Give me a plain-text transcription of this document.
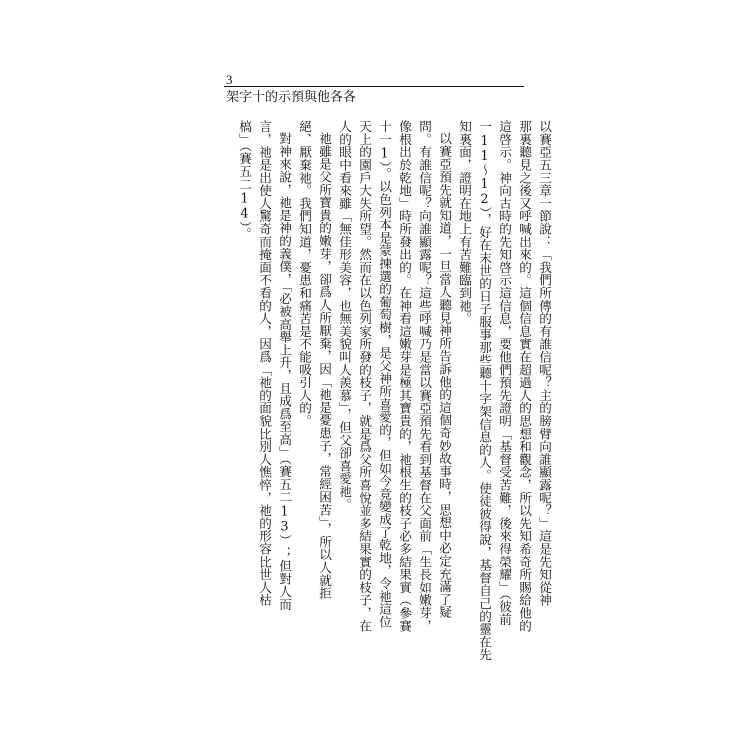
3
架字十的示預與他各各
以賽亞五三章一節說：「我們所傳的有誰信呢？主的膀臂向誰顯露呢？」這是先知從神
那裏聽見之後又呼喊出來的。這個信息實在超過人的思想和觀念，所以先知希奇所賜給他的
這啓示。神向古時的先知啓示這信息，要他們預先證明「基督受苦難，後來得榮耀」（彼前
一11～12），好在末世的日子服事那些聽十字架信息的人。使徒彼得說，基督自己的靈在先
知裏面，證明在地上有苦難臨到祂。
以賽亞預先就知道，一旦當人聽見神所告訴他的這個奇妙故事時，思想中必定充滿了疑
問。有誰信呢？向誰顯露呢？這些呼喊乃是當以賽亞預先看到基督在父面前「生長如嫩芽，
像根出於乾地」時所發出的。在神看這嫩芽是極其寶貴的，祂根生的枝子必多結果實（參賽
十一1）。以色列本是蒙揀選的葡萄樹，是父神所喜愛的，但如今竟變成了乾地，令祂這位
天上的園戶大失所望。然而在以色列家所發的枝子，就是爲父所喜悅並多結果實的枝子，在
人的眼中看來雖「無佳形美容，也無美貌叫人羨慕」，但父卻喜愛祂。
祂雖是父所寶貴的嫩芽，卻爲人所厭棄，因「祂是憂患子，常經困苦」，所以人就拒
絕、厭棄祂。我們知道，憂患和痛苦是不能吸引人的。
對神來說，祂是神的義僕，「必被高舉上升，且成爲至高」（賽五二13）；但對人而
言，祂是出使人驚奇而掩面不看的人，因爲「祂的面貌比別人憔悴，祂的形容比世人枯
槁」（賽五二14）。
